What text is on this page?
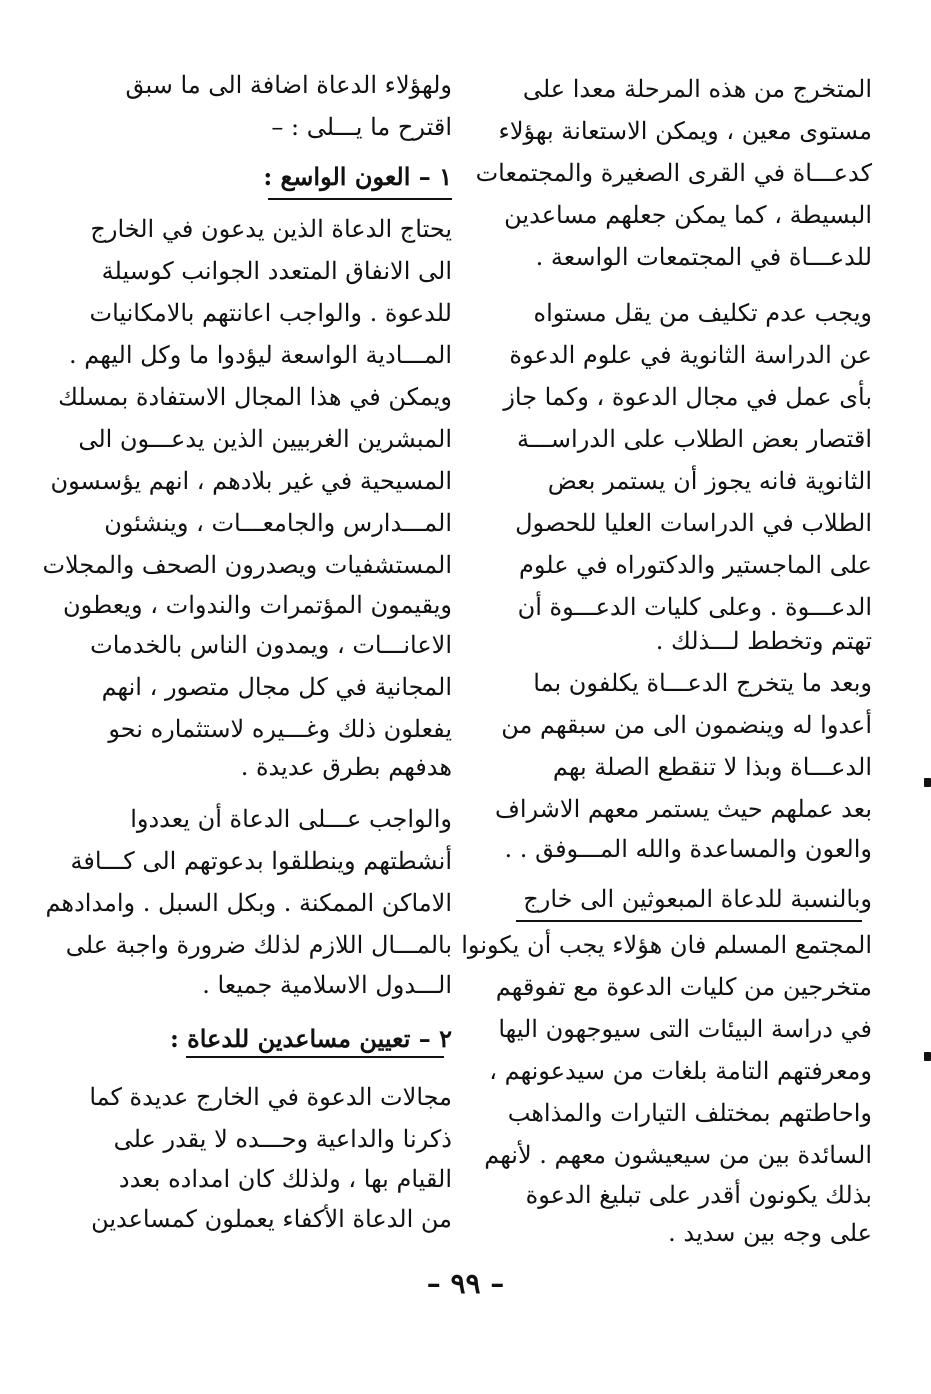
المتخرج من هذه المرحلة معدا على
مستوى معين ، ويمكن الاستعانة بهؤلاء
كدعـــاة في القرى الصغيرة والمجتمعات
البسيطة ، كما يمكن جعلهم مساعدين
للدعـــاة في المجتمعات الواسعة .
ويجب عدم تكليف من يقل مستواه
عن الدراسة الثانوية في علوم الدعوة
بأى عمل في مجال الدعوة ، وكما جاز
اقتصار بعض الطلاب على الدراســـة
الثانوية فانه يجوز أن يستمر بعض
الطلاب في الدراسات العليا للحصول
على الماجستير والدكتوراه في علوم
الدعـــوة . وعلى كليات الدعـــوة أن
تهتم وتخطط لـــذلك .
وبعد ما يتخرج الدعـــاة يكلفون بما
أعدوا له وينضمون الى من سبقهم من
الدعـــاة وبذا لا تنقطع الصلة بهم
بعد عملهم حيث يستمر معهم الاشراف
والعون والمساعدة والله المـــوفق . .
وبالنسبة للدعاة المبعوثين الى خارج
المجتمع المسلم فان هؤلاء يجب أن يكونوا
متخرجين من كليات الدعوة مع تفوقهم
في دراسة البيئات التى سيوجهون اليها
ومعرفتهم التامة بلغات من سيدعونهم ،
واحاطتهم بمختلف التيارات والمذاهب
السائدة بين من سيعيشون معهم . لأنهم
بذلك يكونون أقدر على تبليغ الدعوة
على وجه بين سديد .
ولهؤلاء الدعاة اضافة الى ما سبق
اقترح ما يـــلى : –
١ – العون الواسع :
يحتاج الدعاة الذين يدعون في الخارج
الى الانفاق المتعدد الجوانب كوسيلة
للدعوة . والواجب اعانتهم بالامكانيات
المـــادية الواسعة ليؤدوا ما وكل اليهم .
ويمكن في هذا المجال الاستفادة بمسلك
المبشرين الغربيين الذين يدعـــون الى
المسيحية في غير بلادهم ، انهم يؤسسون
المـــدارس والجامعـــات ، وينشئون
المستشفيات ويصدرون الصحف والمجلات
ويقيمون المؤتمرات والندوات ، ويعطون
الاعانـــات ، ويمدون الناس بالخدمات
المجانية في كل مجال متصور ، انهم
يفعلون ذلك وغـــيره لاستثماره نحو
هدفهم بطرق عديدة .
والواجب عـــلى الدعاة أن يعددوا
أنشطتهم وينطلقوا بدعوتهم الى كـــافة
الاماكن الممكنة . وبكل السبل . وامدادهم
بالمـــال اللازم لذلك ضرورة واجبة على
الـــدول الاسلامية جميعا .
٢ – تعيين مساعدين للدعاة :
مجالات الدعوة في الخارج عديدة كما
ذكرنا والداعية وحـــده لا يقدر على
القيام بها ، ولذلك كان امداده بعدد
من الدعاة الأكفاء يعملون كمساعدين
– ٩٩ –
